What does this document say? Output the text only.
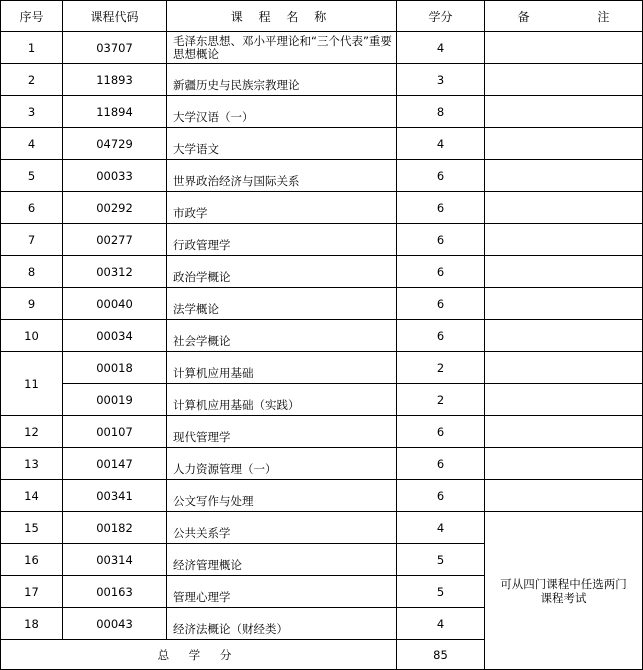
序号	课程代码	课 程 名 称	学分	备 注
1	03707	毛泽东思想、邓小平理论和“三个代表”重要思想概论	4	
2	11893	新疆历史与民族宗教理论	3	
3	11894	大学汉语（一）	8	
4	04729	大学语文	4	
5	00033	世界政治经济与国际关系	6	
6	00292	市政学	6	
7	00277	行政管理学	6	
8	00312	政治学概论	6	
9	00040	法学概论	6	
10	00034	社会学概论	6	
11	00018	计算机应用基础	2	
	00019	计算机应用基础（实践）	2	
12	00107	现代管理学	6	
13	00147	人力资源管理（一）	6	
14	00341	公文写作与处理	6	
15	00182	公共关系学	4	可从四门课程中任选两门课程考试
16	00314	经济管理概论	5	
17	00163	管理心理学	5	
18	00043	经济法概论（财经类）	4	
总 学 分			85	
